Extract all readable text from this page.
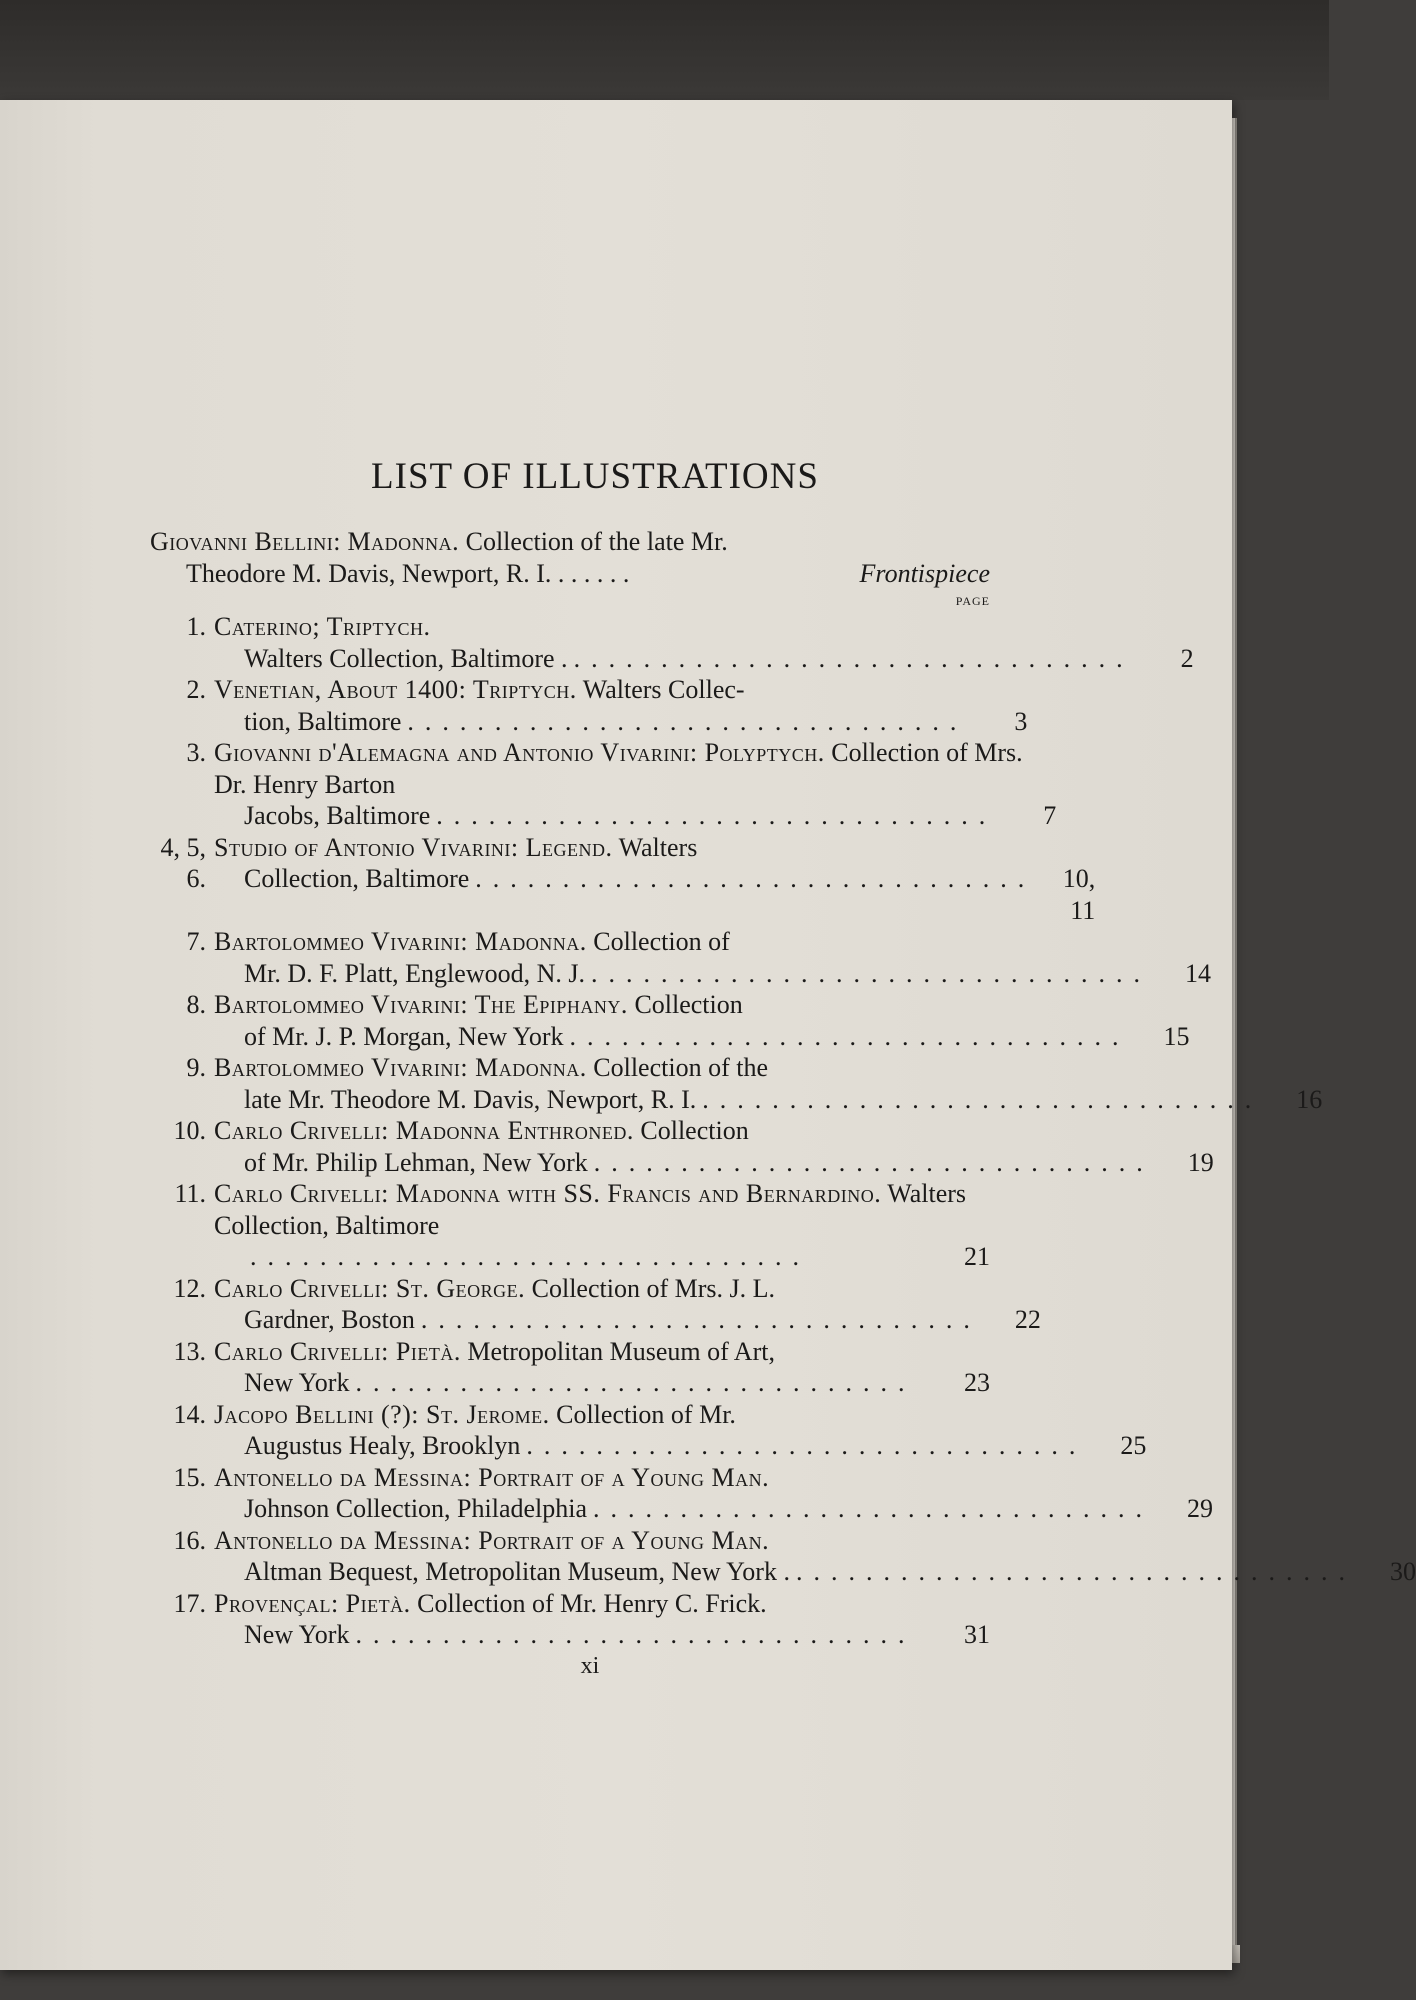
LIST OF ILLUSTRATIONS
Giovanni Bellini: Madonna. Collection of the late Mr.
Theodore M. Davis, Newport, R. I. . . . . . .	Frontispiece
PAGE
1. Caterino; Triptych.
Walters Collection, Baltimore . ................................	2
2. Venetian, About 1400: Triptych. Walters Collec-
tion, Baltimore ................................	3
3. Giovanni d'Alemagna and Antonio Vivarini: Polyptych. Collection of Mrs. Dr. Henry Barton
Jacobs, Baltimore ................................	7
4, 5, 6.
Studio of Antonio Vivarini: Legend. Walters
Collection, Baltimore ................................	10, 11
7. Bartolommeo Vivarini: Madonna. Collection of
Mr. D. F. Platt, Englewood, N. J. ................................	14
8. Bartolommeo Vivarini: The Epiphany. Collection
of Mr. J. P. Morgan, New York ................................	15
9. Bartolommeo Vivarini: Madonna. Collection of the
late Mr. Theodore M. Davis, Newport, R. I. ................................	16
10. Carlo Crivelli: Madonna Enthroned. Collection
of Mr. Philip Lehman, New York ................................	19
11. Carlo Crivelli: Madonna with SS. Francis and Bernardino. Walters Collection, Baltimore
................................	21
12. Carlo Crivelli: St. George. Collection of Mrs. J. L.
Gardner, Boston ................................	22
13. Carlo Crivelli: Pietà. Metropolitan Museum of Art,
New York ................................	23
14. Jacopo Bellini (?): St. Jerome. Collection of Mr.
Augustus Healy, Brooklyn ................................	25
15. Antonello da Messina: Portrait of a Young Man.
Johnson Collection, Philadelphia ................................	29
16. Antonello da Messina: Portrait of a Young Man.
Altman Bequest, Metropolitan Museum, New York . ................................	30
17. Provençal: Pietà. Collection of Mr. Henry C. Frick.
New York ................................	31
xi
